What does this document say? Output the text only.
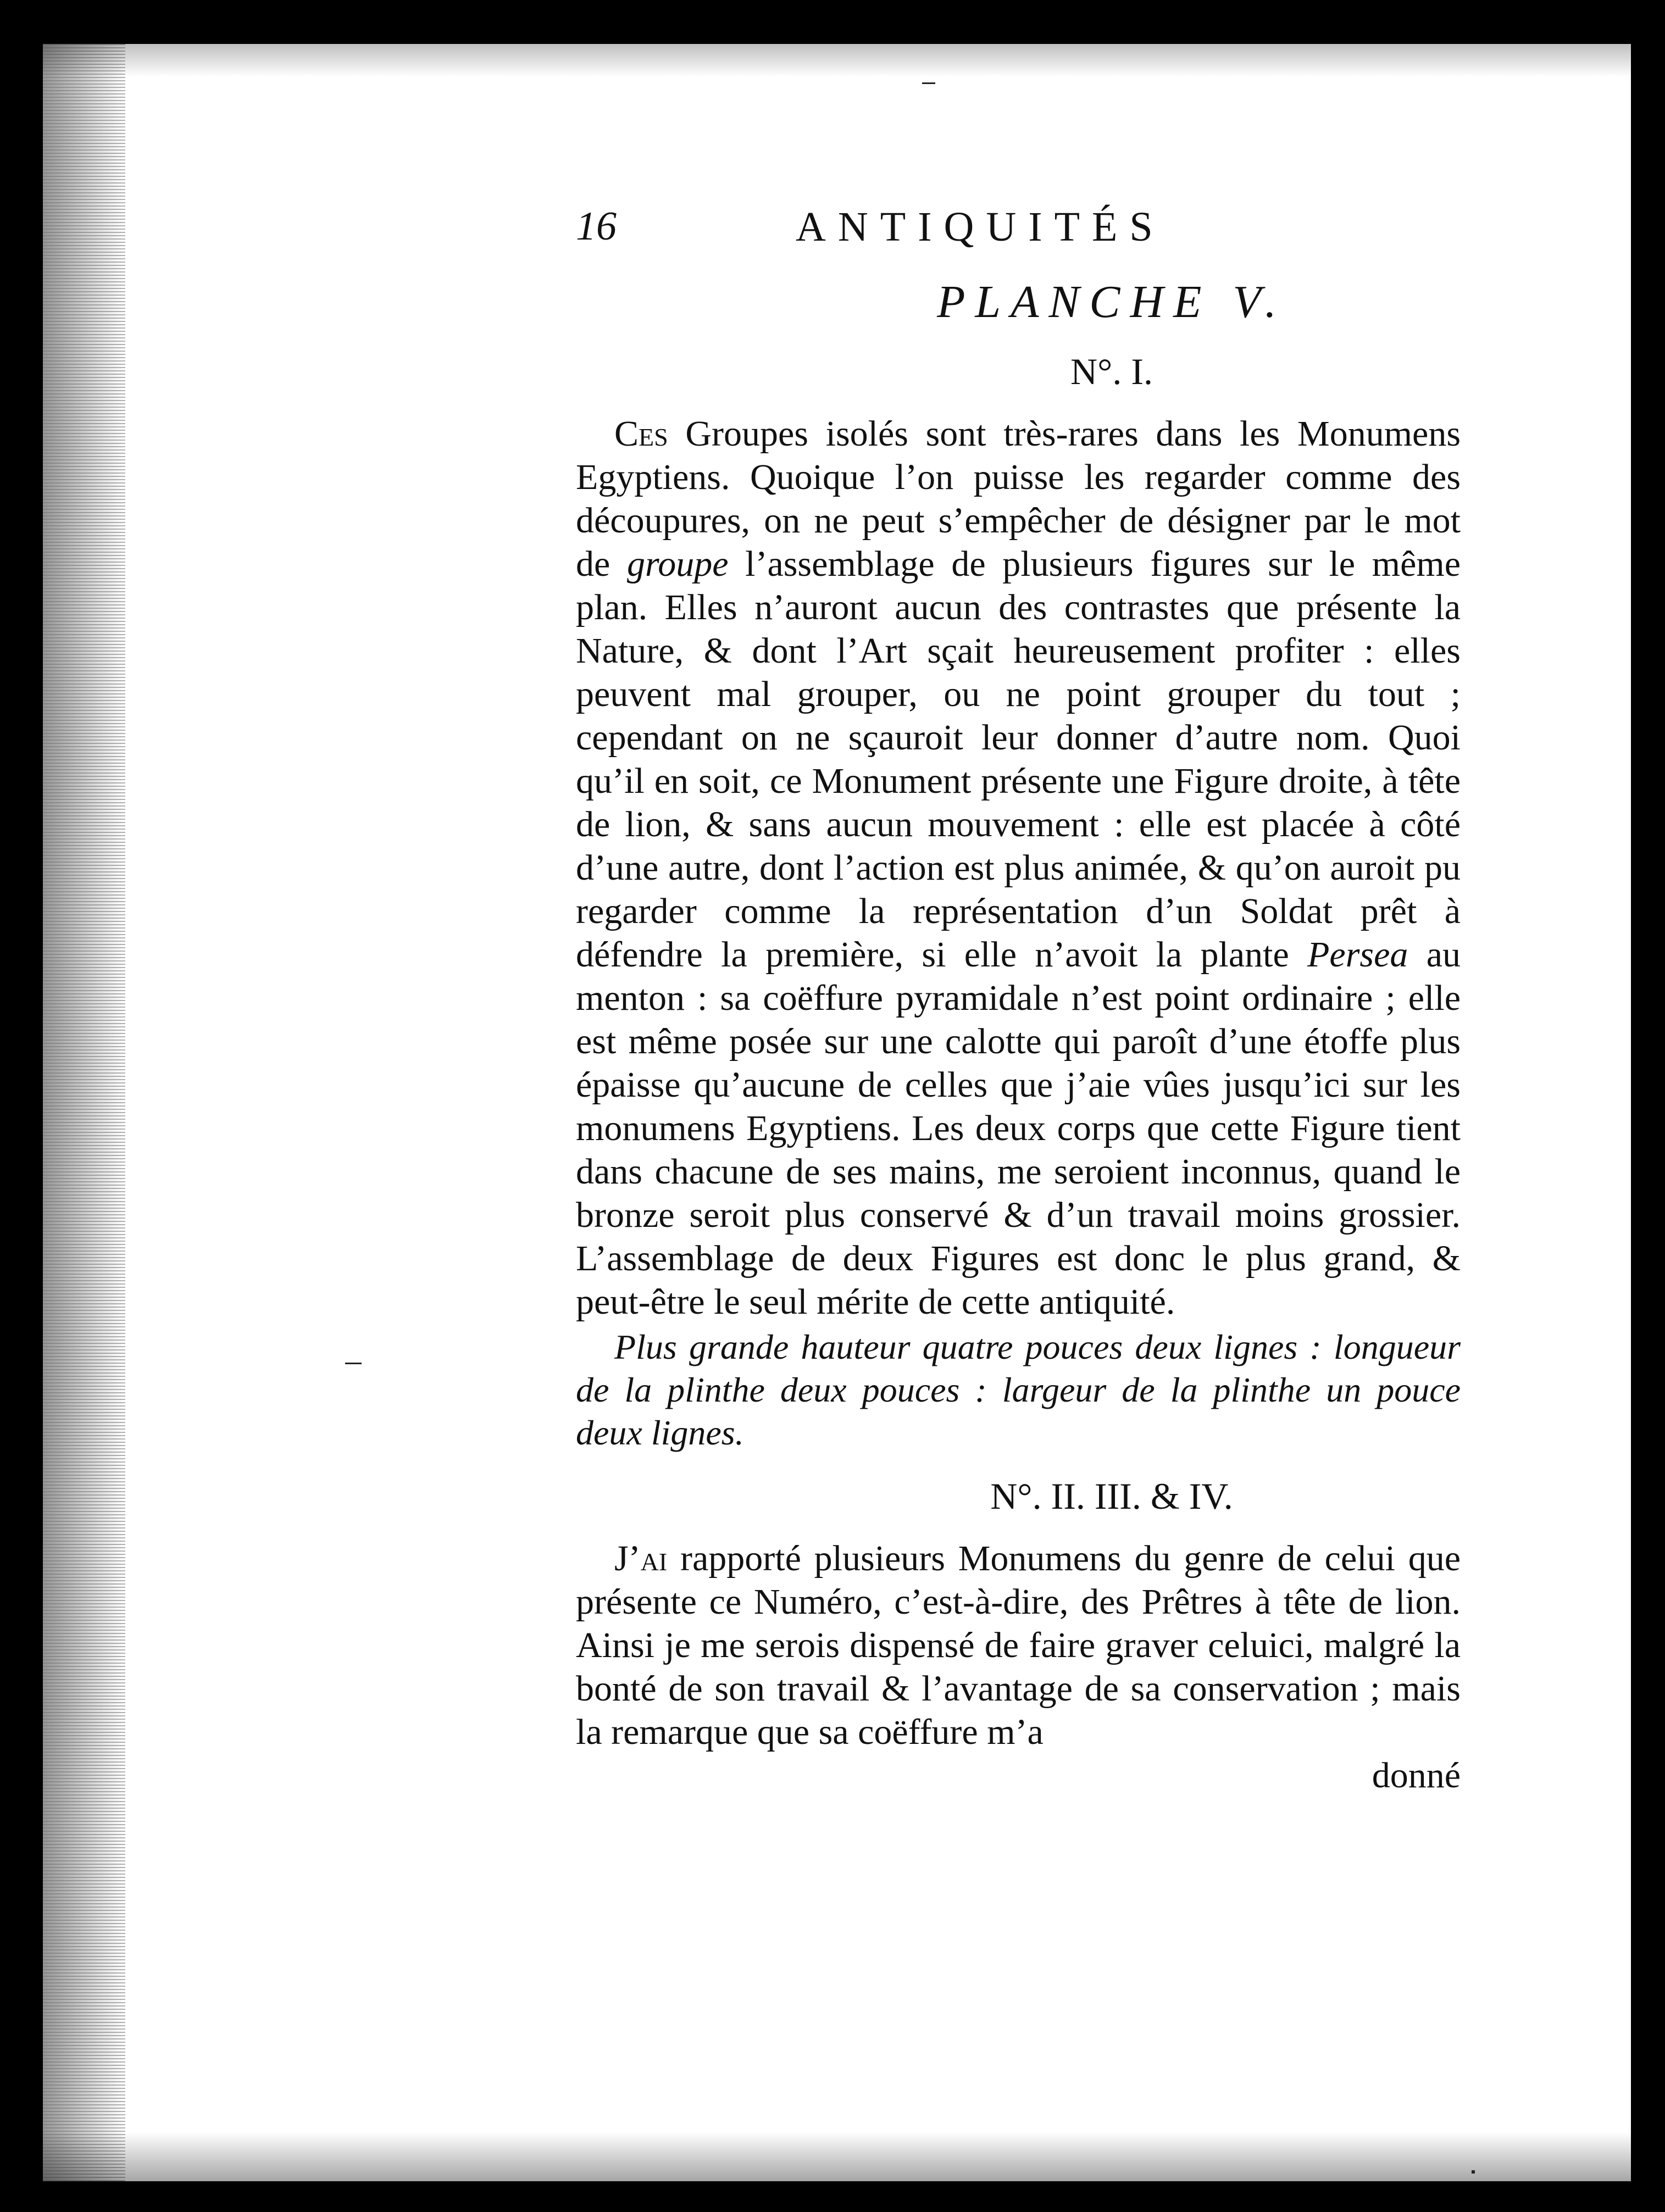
16	ANTIQUITÉS
PLANCHE V.
N°. I.

Ces Groupes isolés sont très-rares dans les Monumens Egyptiens. Quoique l’on puisse les regarder comme des découpures, on ne peut s’empêcher de désigner par le mot de groupe l’assemblage de plusieurs figures sur le même plan. Elles n’auront aucun des contrastes que présente la Nature, & dont l’Art sçait heureusement profiter : elles peuvent mal grouper, ou ne point grouper du tout ; cependant on ne sçauroit leur donner d’autre nom. Quoi qu’il en soit, ce Monument présente une Figure droite, à tête de lion, & sans aucun mouvement : elle est placée à côté d’une autre, dont l’action est plus animée, & qu’on auroit pu regarder comme la représentation d’un Soldat prêt à défendre la première, si elle n’avoit la plante Persea au menton : sa coëffure pyramidale n’est point ordinaire ; elle est même posée sur une calotte qui paroît d’une étoffe plus épaisse qu’aucune de celles que j’aie vûes jusqu’ici sur les monumens Egyptiens. Les deux corps que cette Figure tient dans chacune de ses mains, me seroient inconnus, quand le bronze seroit plus conservé & d’un travail moins grossier. L’assemblage de deux Figures est donc le plus grand, & peut-être le seul mérite de cette antiquité.

Plus grande hauteur quatre pouces deux lignes : longueur de la plinthe deux pouces : largeur de la plinthe un pouce deux lignes.

N°. II. III. & IV.

J’ai rapporté plusieurs Monumens du genre de celui que présente ce Numéro, c’est-à-dire, des Prêtres à tête de lion. Ainsi je me serois dispensé de faire graver celuici, malgré la bonté de son travail & l’avantage de sa conservation ; mais la remarque que sa coëffure m’a

donné
